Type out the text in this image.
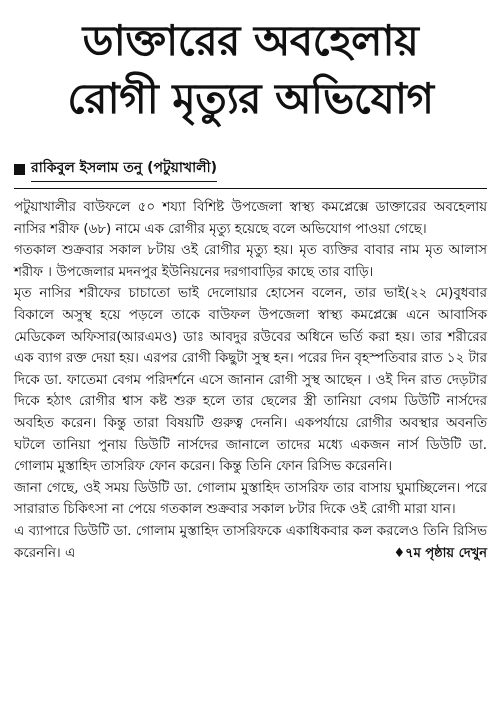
ডাক্তারের অবহেলায়
রোগী মৃত্যুর অভিযোগ
রাকিবুল ইসলাম তনু (পটুয়াখালী)

পটুয়াখালীর বাউফলে ৫০ শয্যা বিশিষ্ট উপজেলা স্বাস্থ্য কমপ্লেক্সে ডাক্তারের অবহেলায় নাসির শরীফ (৬৮) নামে এক রোগীর মৃত্যু হয়েছে বলে অভিযোগ পাওয়া গেছে।

গতকাল শুক্রবার সকাল ৮টায় ওই রোগীর মৃত্যু হয়। মৃত ব্যক্তির বাবার নাম মৃত আলাস শরীফ । উপজেলার মদনপুর ইউনিয়নের দরগাবাড়ির কাছে তার বাড়ি।

মৃত নাসির শরীফের চাচাতো ভাই দেলোয়ার হোসেন বলেন, তার ভাই(২২ মে)বুধবার বিকালে অসুস্থ হয়ে পড়লে তাকে বাউফল উপজেলা স্বাস্থ্য কমপ্লেক্সে এনে আবাসিক মেডিকেল অফিসার(আরএমও) ডাঃ আবদুর রউবের অধিনে ভর্তি করা হয়। তার শরীরের এক ব্যাগ রক্ত দেয়া হয়। এরপর রোগী কিছুটা সুস্থ হন। পরের দিন বৃহস্পতিবার রাত ১২ টার দিকে ডা. ফাতেমা বেগম পরিদর্শনে এসে জানান রোগী সুস্থ আছেন । ওই দিন রাত দেড়টার দিকে হঠাৎ রোগীর শ্বাস কষ্ট শুরু হলে তার ছেলের স্ত্রী তানিয়া বেগম ডিউটি নার্সদের অবহিত করেন। কিন্তু তারা বিষয়টি গুরুত্ব দেননি। একপর্যায়ে রোগীর অবস্থার অবনতি ঘটলে তানিয়া পুনায় ডিউটি নার্সদের জানালে তাদের মধ্যে একজন নার্স ডিউটি ডা. গোলাম মুস্তাহিদ তাসরিফ ফোন করেন। কিন্তু তিনি ফোন রিসিভ করেননি।

জানা গেছে, ওই সময় ডিউটি ডা. গোলাম মুস্তাহিদ তাসরিফ তার বাসায় ঘুমাচ্ছিলেন। পরে সারারাত চিকিৎসা না পেয়ে গতকাল শুক্রবার সকাল ৮টার দিকে ওই রোগী মারা যান।

এ ব্যাপারে ডিউটি ডা. গোলাম মুস্তাহিদ তাসরিফকে একাধিকবার কল করলেও তিনি রিসিভ করেননি। এ	♦৭ম পৃষ্ঠায় দেখুন
